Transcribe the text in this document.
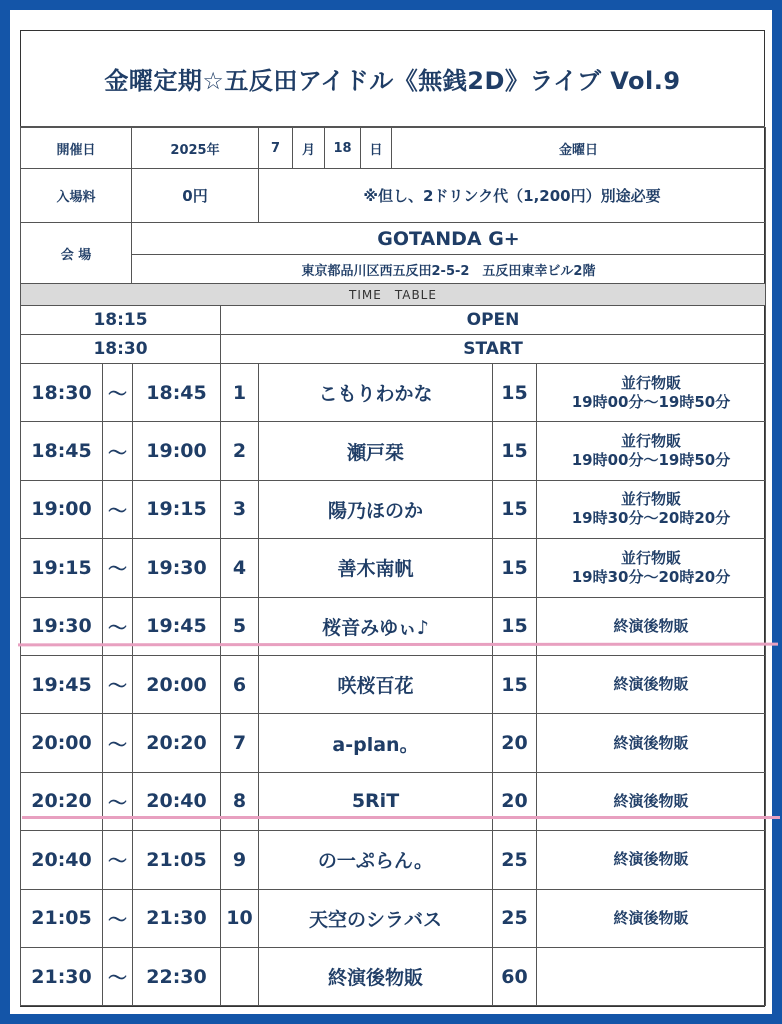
金曜定期☆五反田アイドル《無銭2D》ライブ Vol.9
開催日	2025年	7	月	18	日	金曜日
入場料	0円	※但し、2ドリンク代（1,200円）別途必要				
会 場	GOTANDA G+					
	東京都品川区西五反田2-5-2　五反田東幸ビル2階					
TIME　TABLE						
18:15			OPEN			
18:30			START			
18:30	～	18:45	1	こもりわかな	15	並行物販
19時00分～19時50分

18:45	～	19:00	2	瀬戸栞	15	並行物販
19時00分～19時50分

19:00	～	19:15	3	陽乃ほのか	15	並行物販
19時30分～20時20分

19:15	～	19:30	4	善木南帆	15	並行物販
19時30分～20時20分

19:30	～	19:45	5	桜音みゆぃ♪	15	終演後物販

19:45	～	20:00	6	咲桜百花	15	終演後物販

20:00	～	20:20	7	a-plan。	20	終演後物販

20:20	～	20:40	8	5RiT	20	終演後物販

20:40	～	21:05	9	の一ぷらん。	25	終演後物販

21:05	～	21:30	10	天空のシラバス	25	終演後物販

21:30	～	22:30		終演後物販	60	
